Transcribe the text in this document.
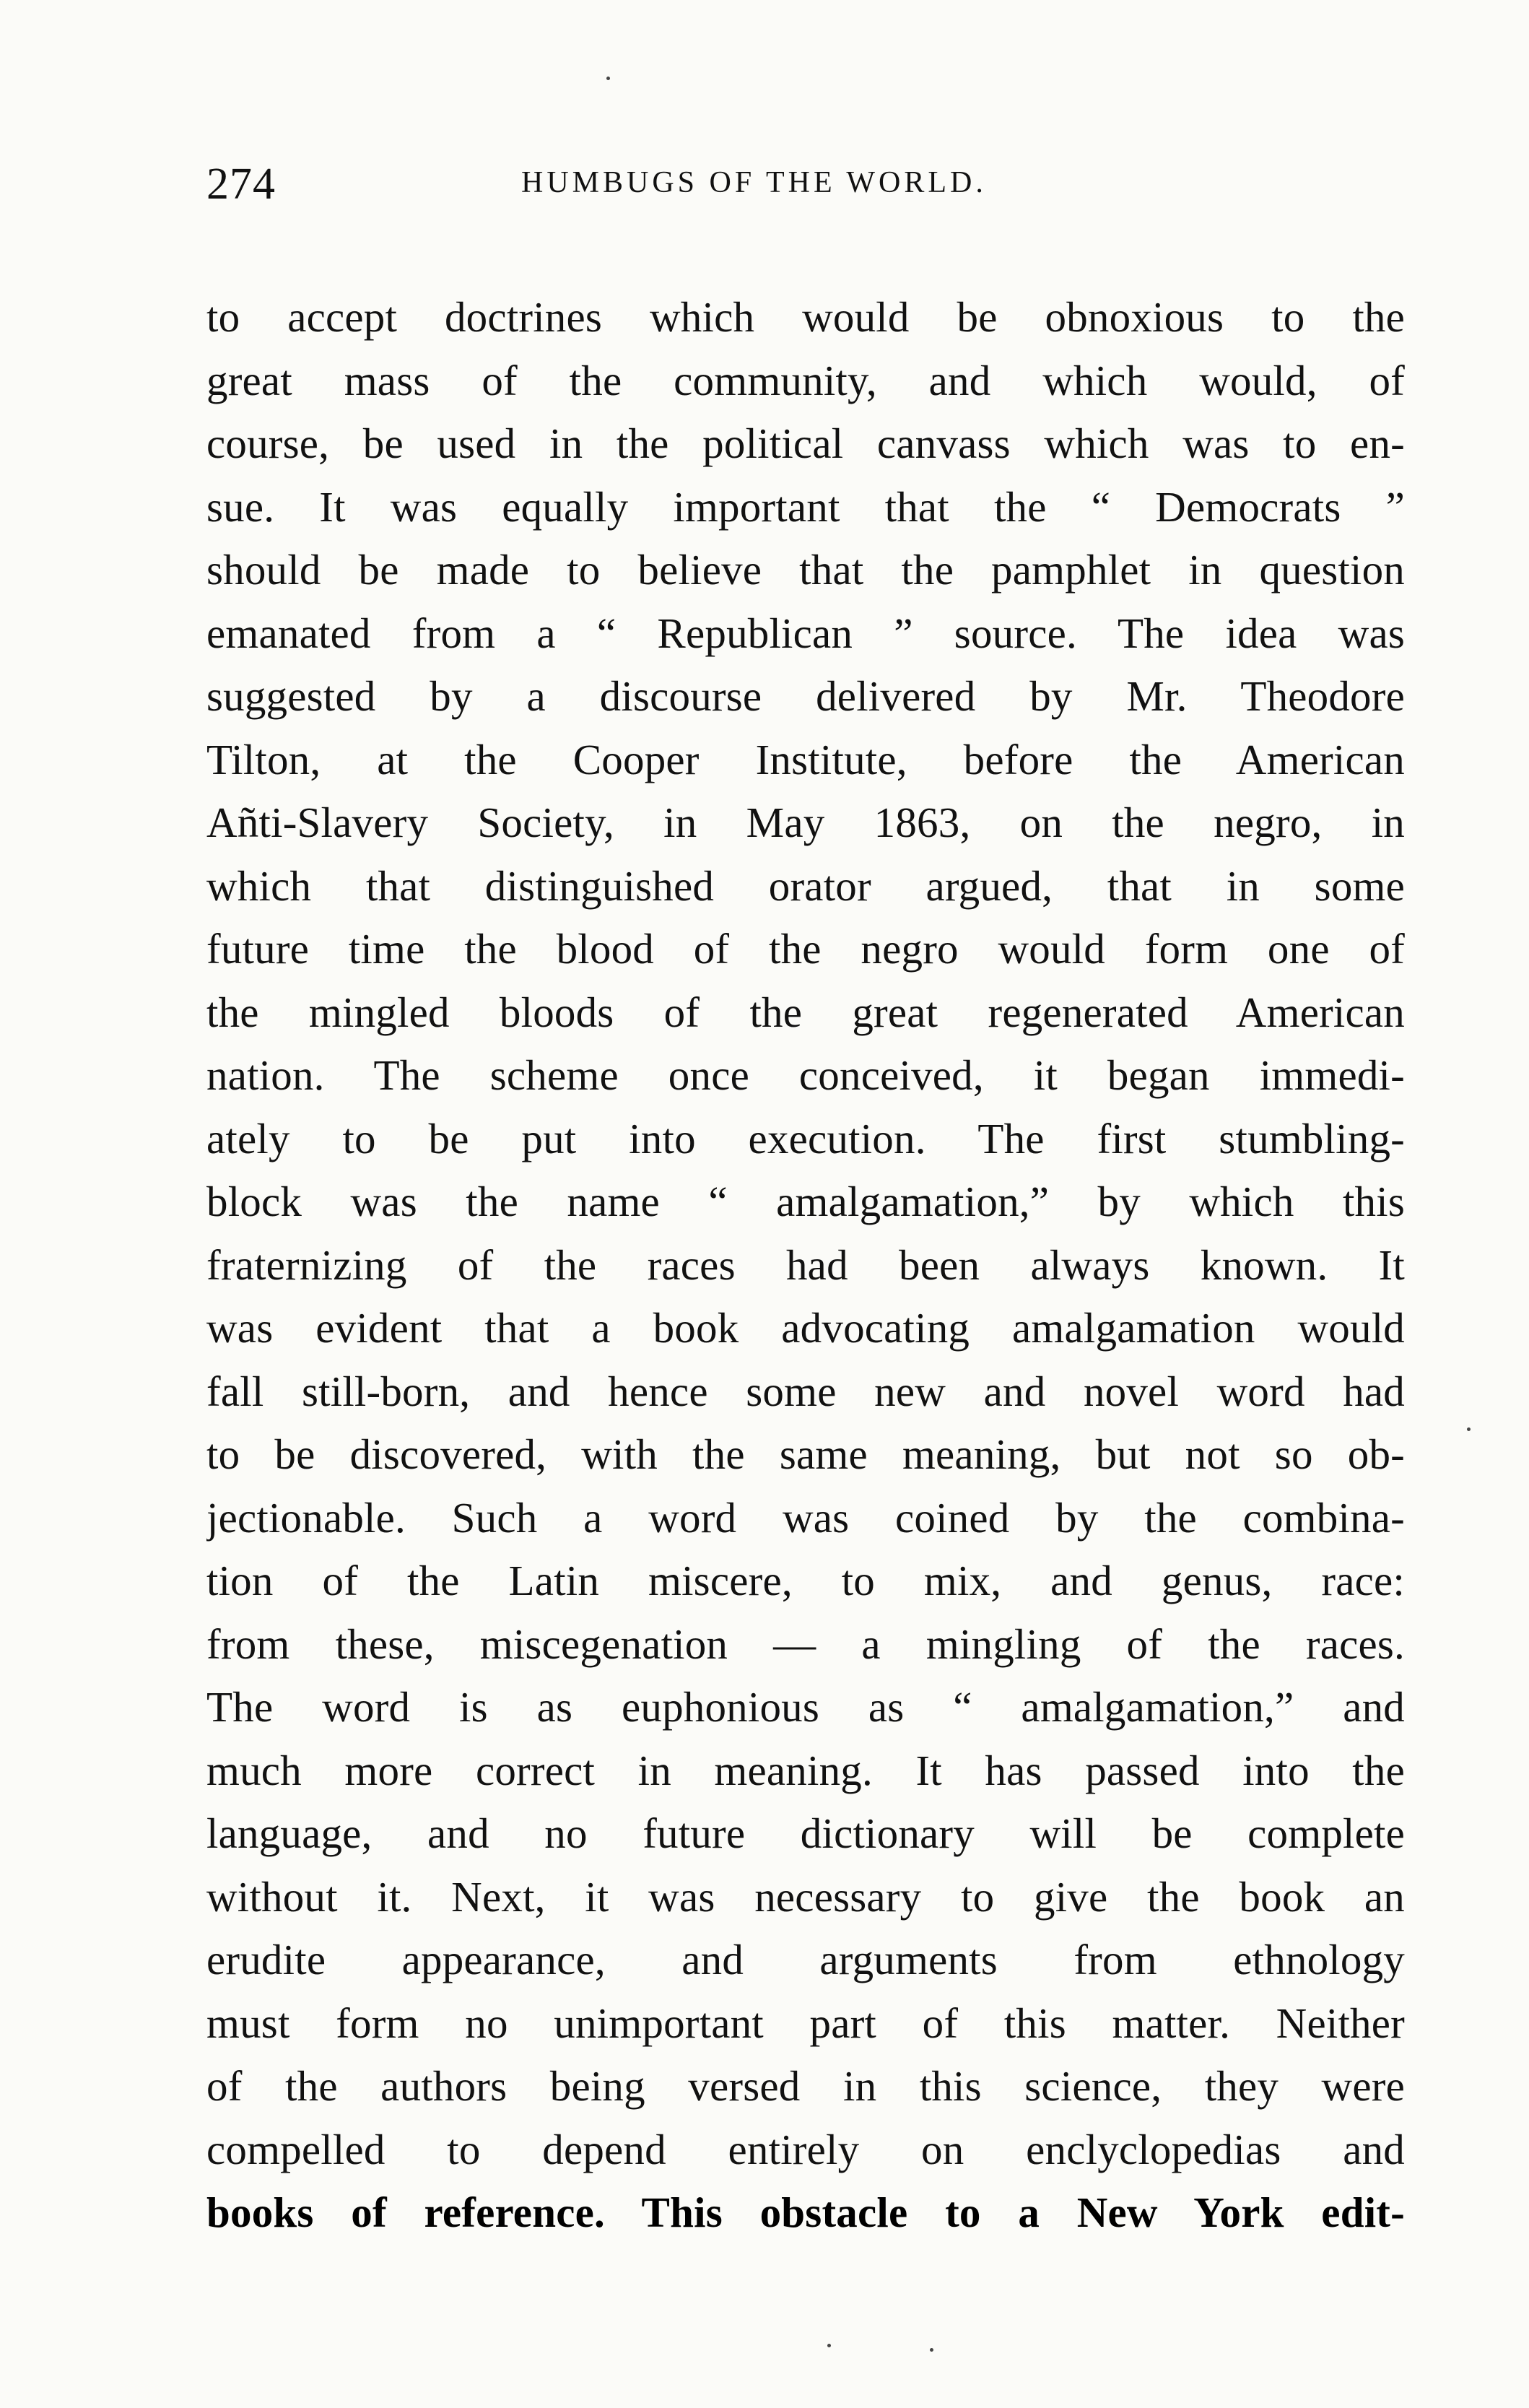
274	HUMBUGS OF THE WORLD.
to accept doctrines which would be obnoxious to the
great mass of the community, and which would, of
course, be used in the political canvass which was to en-
sue. It was equally important that the “ Democrats ”
should be made to believe that the pamphlet in question
emanated from a “ Republican ” source. The idea was
suggested by a discourse delivered by Mr. Theodore
Tilton, at the Cooper Institute, before the American
Añti-Slavery Society, in May 1863, on the negro, in
which that distinguished orator argued, that in some
future time the blood of the negro would form one of
the mingled bloods of the great regenerated American
nation. The scheme once conceived, it began immedi-
ately to be put into execution. The first stumbling-
block was the name “ amalgamation,” by which this
fraternizing of the races had been always known. It
was evident that a book advocating amalgamation would
fall still-born, and hence some new and novel word had
to be discovered, with the same meaning, but not so ob-
jectionable. Such a word was coined by the combina-
tion of the Latin miscere, to mix, and genus, race:
from these, miscegenation — a mingling of the races.
The word is as euphonious as “ amalgamation,” and
much more correct in meaning. It has passed into the
language, and no future dictionary will be complete
without it. Next, it was necessary to give the book an
erudite appearance, and arguments from ethnology
must form no unimportant part of this matter. Neither
of the authors being versed in this science, they were
compelled to depend entirely on enclyclopedias and
books of reference. This obstacle to a New York edit-
